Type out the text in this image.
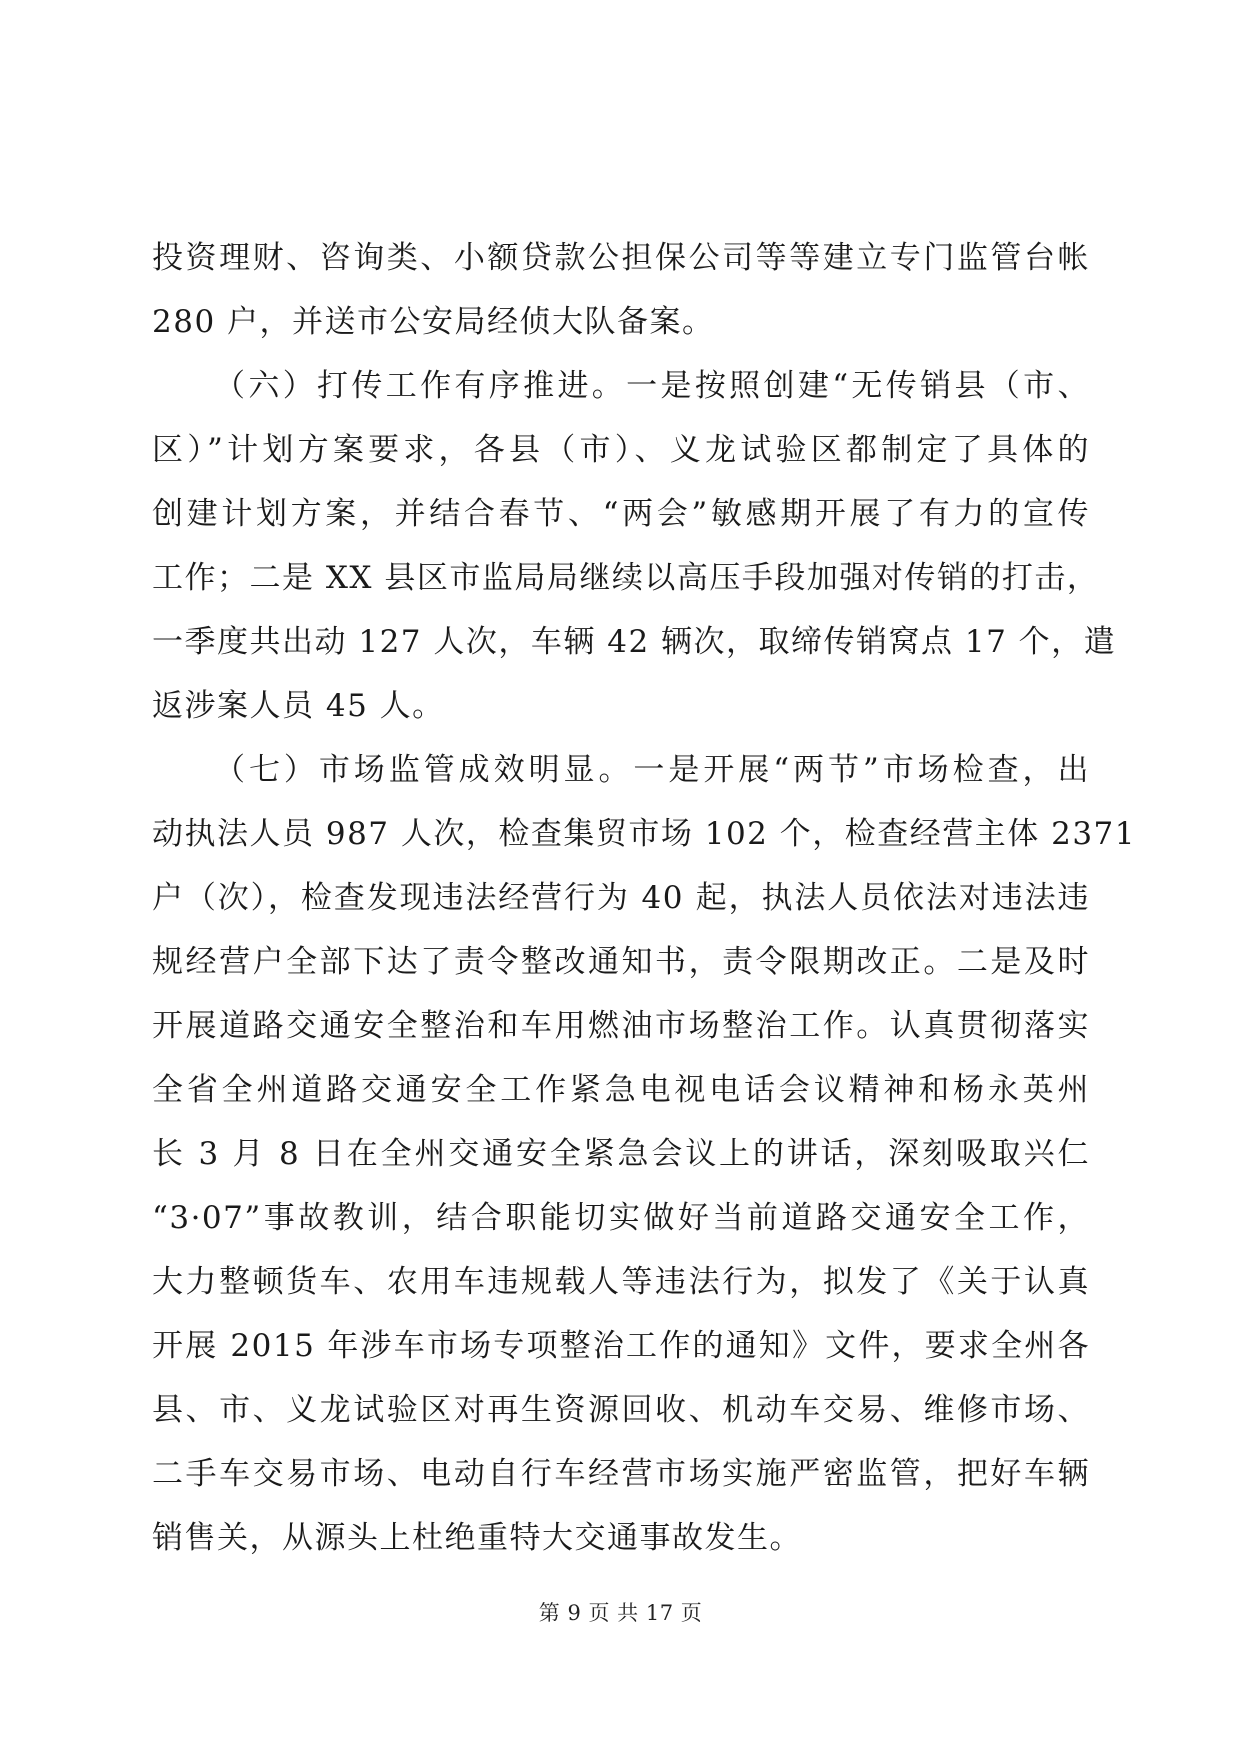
投资理财、咨询类、小额贷款公担保公司等等建立专门监管台帐
280 户，并送市公安局经侦大队备案。

（六）打传工作有序推进。一是按照创建“无传销县（市、
区）”计划方案要求，各县（市）、义龙试验区都制定了具体的
创建计划方案，并结合春节、“两会”敏感期开展了有力的宣传
工作；二是 XX 县区市监局局继续以高压手段加强对传销的打击，
一季度共出动 127 人次，车辆 42 辆次，取缔传销窝点 17 个，遣
返涉案人员 45 人。

（七）市场监管成效明显。一是开展“两节”市场检查，出
动执法人员 987 人次，检查集贸市场 102 个，检查经营主体 2371
户（次），检查发现违法经营行为 40 起，执法人员依法对违法违
规经营户全部下达了责令整改通知书，责令限期改正。二是及时
开展道路交通安全整治和车用燃油市场整治工作。认真贯彻落实
全省全州道路交通安全工作紧急电视电话会议精神和杨永英州
长 3 月 8 日在全州交通安全紧急会议上的讲话，深刻吸取兴仁
“3·07”事故教训，结合职能切实做好当前道路交通安全工作，
大力整顿货车、农用车违规载人等违法行为，拟发了《关于认真
开展 2015 年涉车市场专项整治工作的通知》文件，要求全州各
县、市、义龙试验区对再生资源回收、机动车交易、维修市场、
二手车交易市场、电动自行车经营市场实施严密监管，把好车辆
销售关，从源头上杜绝重特大交通事故发生。

第 9 页 共 17 页
